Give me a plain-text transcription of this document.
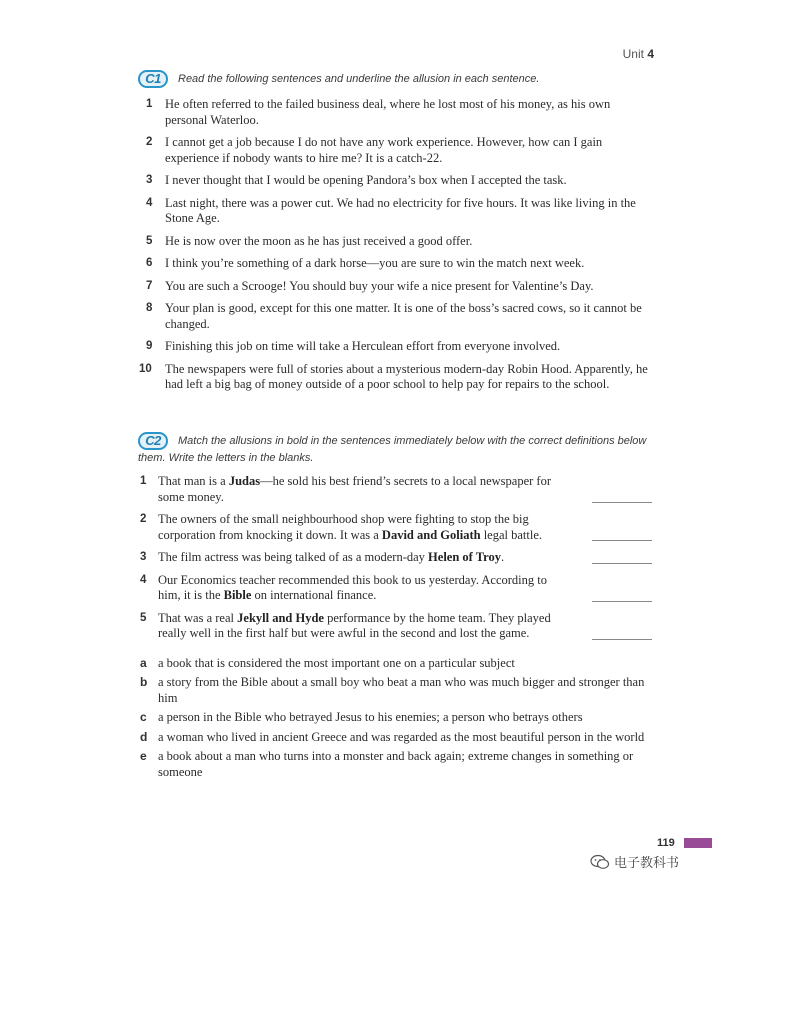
Unit 4
C1 Read the following sentences and underline the allusion in each sentence.
1 He often referred to the failed business deal, where he lost most of his money, as his own personal Waterloo.
2 I cannot get a job because I do not have any work experience. However, how can I gain experience if nobody wants to hire me? It is a catch-22.
3 I never thought that I would be opening Pandora’s box when I accepted the task.
4 Last night, there was a power cut. We had no electricity for five hours. It was like living in the Stone Age.
5 He is now over the moon as he has just received a good offer.
6 I think you’re something of a dark horse—you are sure to win the match next week.
7 You are such a Scrooge! You should buy your wife a nice present for Valentine’s Day.
8 Your plan is good, except for this one matter. It is one of the boss’s sacred cows, so it cannot be changed.
9 Finishing this job on time will take a Herculean effort from everyone involved.
10 The newspapers were full of stories about a mysterious modern-day Robin Hood. Apparently, he had left a big bag of money outside of a poor school to help pay for repairs to the school.
C2 Match the allusions in bold in the sentences immediately below with the correct definitions below them. Write the letters in the blanks.
1 That man is a Judas—he sold his best friend’s secrets to a local newspaper for some money.
2 The owners of the small neighbourhood shop were fighting to stop the big corporation from knocking it down. It was a David and Goliath legal battle.
3 The film actress was being talked of as a modern-day Helen of Troy.
4 Our Economics teacher recommended this book to us yesterday. According to him, it is the Bible on international finance.
5 That was a real Jekyll and Hyde performance by the home team. They played really well in the first half but were awful in the second and lost the game.
a a book that is considered the most important one on a particular subject
b a story from the Bible about a small boy who beat a man who was much bigger and stronger than him
c a person in the Bible who betrayed Jesus to his enemies; a person who betrays others
d a woman who lived in ancient Greece and was regarded as the most beautiful person in the world
e a book about a man who turns into a monster and back again; extreme changes in something or someone
119
电子教科书
